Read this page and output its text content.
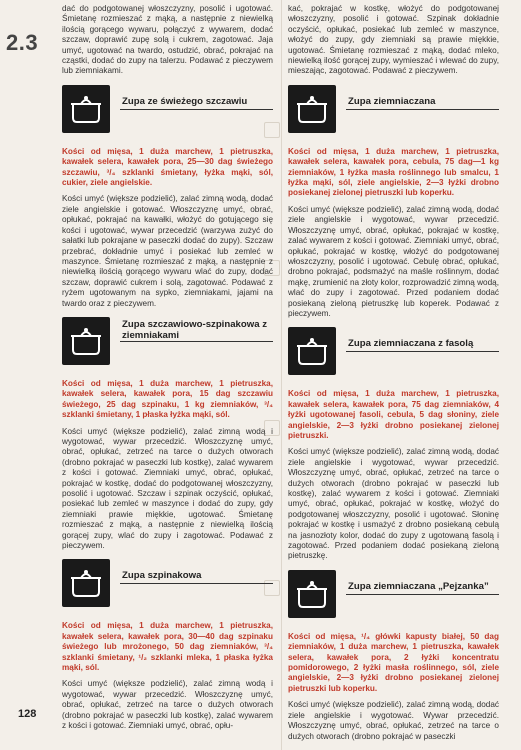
2.3

dać do podgotowanej włoszczyzny, posolić i ugotować. Śmietanę rozmieszać z mąką, a następnie z niewielką ilością gorącego wywaru, połączyć z wywarem, dodać szczaw, doprawić zupę solą i cukrem, zagotować. Jaja umyć, ugotować na twardo, ostudzić, obrać, pokrajać na cząstki, dodać do zupy na talerzu. Podawać z pieczywem lub ziemniakami.

Zupa ze świeżego szczawiu

Kości od mięsa, 1 duża marchew, 1 pietruszka, kawałek selera, kawałek pora, 25—30 dag świeżego szczawiu, ³/₄ szklanki śmietany, łyżka mąki, sól, cukier, ziele angielskie.

Kości umyć (większe podzielić), zalać zimną wodą, dodać ziele angielskie i gotować. Włoszczyznę umyć, obrać, opłukać, pokrajać na kawałki, włożyć do gotującego się kości i ugotować, wywar przecedzić (warzywa zużyć do sałatki lub pokrajane w paseczki dodać do zupy). Szczaw przebrać, dokładnie umyć i posiekać lub zemleć w maszynce. Śmietanę rozmieszać z mąką, a następnie z niewielką ilością gorącego wywaru wlać do zupy, dodać szczaw, doprawić cukrem i solą, zagotować. Podawać z ryżem ugotowanym na sypko, ziemniakami, jajami na twardo oraz z pieczywem.

Zupa szczawiowo-szpinakowa z ziemniakami

Kości od mięsa, 1 duża marchew, 1 pietruszka, kawałek selera, kawałek pora, 15 dag szczawiu świeżego, 25 dag szpinaku, 1 kg ziemniaków, ³/₄ szklanki śmietany, 1 płaska łyżka mąki, sól.

Kości umyć (większe podzielić), zalać zimną wodą i wygotować, wywar przecedzić. Włoszczyznę umyć, obrać, opłukać, zetrzeć na tarce o dużych otworach (drobno pokrajać w paseczki lub kostkę), zalać wywarem z kości i gotować. Ziemniaki umyć, obrać, opłukać, pokrajać w kostkę, dodać do podgotowanej włoszczyzny, posolić i ugotować. Szczaw i szpinak oczyścić, opłukać, posiekać lub zemleć w maszynce i dodać do zupy, gdy ziemniaki prawie miękkie, ugotować. Śmietanę rozmieszać z mąką, a następnie z niewielką ilością gorącej zupy, wlać do zupy i zagotować. Podawać z pieczywem.

Zupa szpinakowa

Kości od mięsa, 1 duża marchew, 1 pietruszka, kawałek selera, kawałek pora, 30—40 dag szpinaku świeżego lub mrożonego, 50 dag ziemniaków, ³/₄ szklanki śmietany, ¹/₂ szklanki mleka, 1 płaska łyżka mąki, sól.

Kości umyć (większe podzielić), zalać zimną wodą i wygotować, wywar przecedzić. Włoszczyznę umyć, obrać, opłukać, zetrzeć na tarce o dużych otworach (drobno pokrajać w paseczki lub kostkę), zalać wywarem z kości i gotować. Ziemniaki umyć, obrać, opłu-

kać, pokrajać w kostkę, włożyć do podgotowanej włoszczyzny, posolić i gotować. Szpinak dokładnie oczyścić, opłukać, posiekać lub zemleć w maszynce, włożyć do zupy, gdy ziemniaki są prawie miękkie, ugotować. Śmietanę rozmieszać z mąką, dodać mleko, niewielką ilość gorącej zupy, wymieszać i wlewać do zupy, mieszając, zagotować. Podawać z pieczywem.

Zupa ziemniaczana

Kości od mięsa, 1 duża marchew, 1 pietruszka, kawałek selera, kawałek pora, cebula, 75 dag—1 kg ziemniaków, 1 łyżka masła roślinnego lub smalcu, 1 łyżka mąki, sól, ziele angielskie, 2—3 łyżki drobno posiekanej zielonej pietruszki lub koperku.

Kości umyć (większe podzielić), zalać zimną wodą, dodać ziele angielskie i wygotować, wywar przecedzić. Włoszczyznę umyć, obrać, opłukać, pokrajać w kostkę, zalać wywarem z kości i gotować. Ziemniaki umyć, obrać, opłukać, pokrajać w kostkę, włożyć do podgotowanej włoszczyzny, posolić i ugotować. Cebulę obrać, opłukać, drobno pokrajać, podsmażyć na maśle roślinnym, dodać mąkę, zrumienić na złoty kolor, rozprowadzić zimną wodą, wlać do zupy i zagotować. Przed podaniem dodać posiekaną zieloną pietruszkę lub koperek. Podawać z pieczywem.

Zupa ziemniaczana z fasolą

Kości od mięsa, 1 duża marchew, 1 pietruszka, kawałek selera, kawałek pora, 75 dag ziemniaków, 4 łyżki ugotowanej fasoli, cebula, 5 dag słoniny, ziele angielskie, 2—3 łyżki drobno posiekanej zielonej pietruszki.

Kości umyć (większe podzielić), zalać zimną wodą, dodać ziele angielskie i wygotować, wywar przecedzić. Włoszczyznę umyć, obrać, opłukać, zetrzeć na tarce o dużych otworach (drobno pokrajać w paseczki lub kostkę), zalać wywarem z kości i gotować. Ziemniaki umyć, obrać, opłukać, pokrajać w kostkę, włożyć do podgotowanej włoszczyzny, posolić i ugotować. Słoninę pokrajać w kostkę i usmażyć z drobno posiekaną cebulą na jasnozłoty kolor, dodać do zupy z ugotowaną fasolą i zagotować. Przed podaniem dodać posiekaną zieloną pietruszkę.

Zupa ziemniaczana „Pejzanka”

Kości od mięsa, ¹/₄ główki kapusty białej, 50 dag ziemniaków, 1 duża marchew, 1 pietruszka, kawałek selera, kawałek pora, 2 łyżki koncentratu pomidorowego, 2 łyżki masła roślinnego, sól, ziele angielskie, 2—3 łyżki drobno posiekanej zielonej pietruszki lub koperku.

Kości umyć (większe podzielić), zalać zimną wodą, dodać ziele angielskie i wygotować. Wywar przecedzić. Włoszczyznę umyć, obrać, opłukać, zetrzeć na tarce o dużych otworach (drobno pokrajać w paseczki

128
